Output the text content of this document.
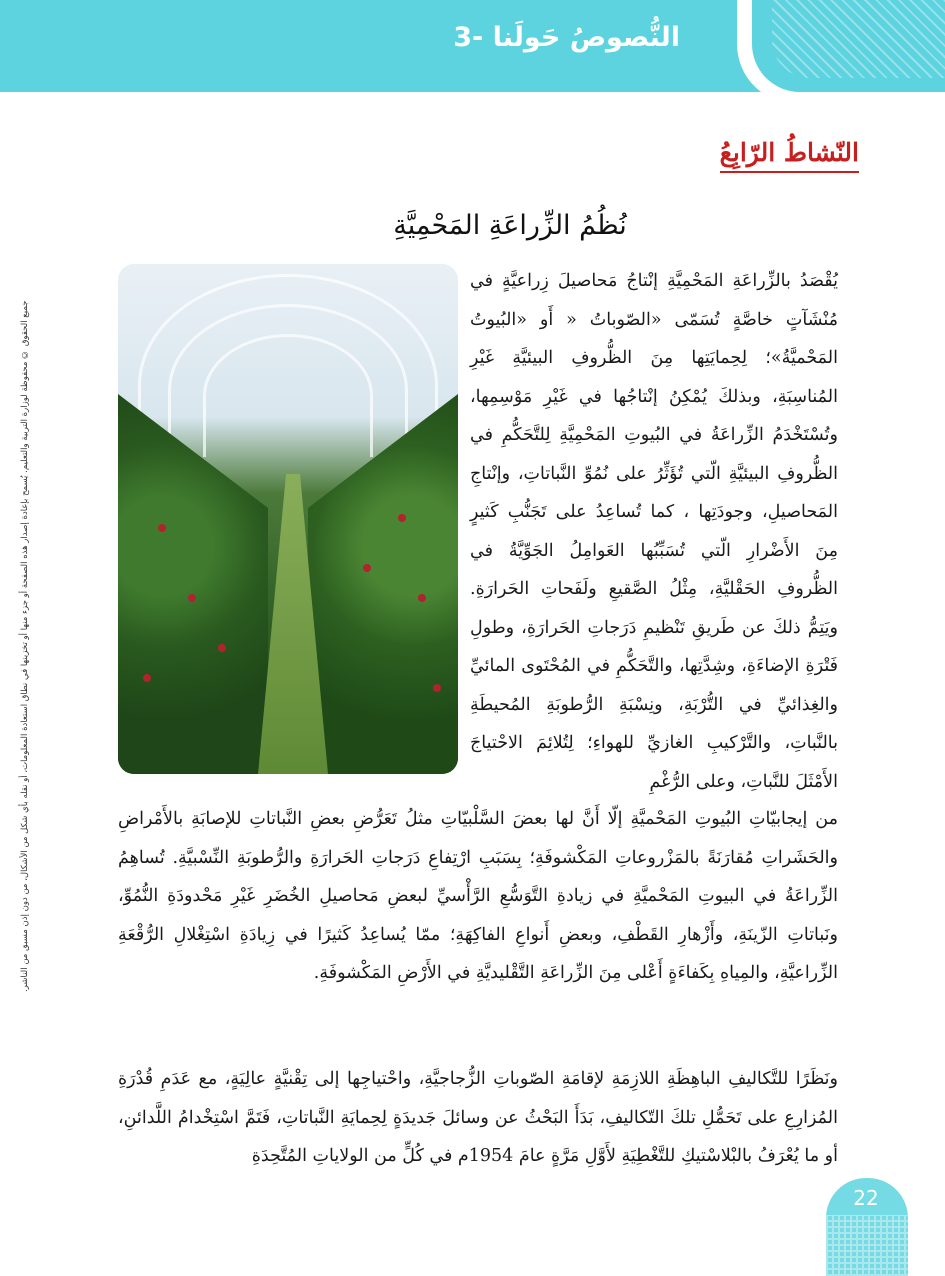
النُّصوصُ حَولَنا -3
النّشاطُ الرّابِعُ
نُظُمُ الزِّراعَةِ المَحْمِيَّةِ
يُقْصَدُ بالزِّراعَةِ المَحْمِيَّةِ إنْتاجُ مَحاصيلَ زِراعيَّةٍ في مُنْشَآتٍ خاصَّةٍ تُسَمّى «الصّوباتُ « أَو «البُيوتُ المَحْميَّةُ»؛ لِحِمايَتِها مِنَ الظُّروفِ البيئيَّةِ غَيْرِ المُناسِبَةِ، وبذلكَ يُمْكِنُ إنْتاجُها في غَيْرِ مَوْسِمِها، وتُسْتَخْدَمُ الزِّراعَةُ في البُيوتِ المَحْمِيَّةِ لِلتَّحَكُّمِ في الظُّروفِ البيئيَّةِ الّتي تُؤَثِّرُ على نُمُوِّ النَّباتاتِ، وإنْتاجِ المَحاصيلِ، وجودَتِها ، كما تُساعِدُ على تَجَنُّبِ كَثيرٍ مِنَ الأَضْرارِ الّتي تُسَبِّبُها العَوامِلُ الجَوِّيَّةُ في الظُّروفِ الحَقْليَّةِ، مِثْلُ الصَّقيعِ ولَفَحاتِ الحَرارَةِ. ويَتِمُّ ذلكَ عن طَريقِ تَنْظيمِ دَرَجاتِ الحَرارَةِ، وطولِ فَتْرَةِ الإضاءَةِ، وشِدَّتِها، والتَّحَكُّمِ في المُحْتَوى المائيِّ والغِذائيِّ في التُّرْبَةِ، ونِسْبَةِ الرُّطوبَةِ المُحيطَةِ بالنَّباتِ، والتَّرْكيبِ الغازيِّ للهواءِ؛ لِتُلائِمَ الاحْتياجَ الأَمْثَلَ للنَّباتِ، وعلى الرُّغْمِ
من إيجابيّاتِ البُيوتِ المَحْميَّةِ إلّا أَنَّ لها بعضَ السَّلْبيّاتِ مثلُ تَعَرُّضِ بعضِ النَّباتاتِ للإصابَةِ بالأَمْراضِ والحَشَراتِ مُقارَنَةً بالمَزْروعاتِ المَكْشوفَةِ؛ بِسَبَبِ ارْتِفاعِ دَرَجاتِ الحَرارَةِ والرُّطوبَةِ النِّسْبيَّةِ. تُساهِمُ الزِّراعَةُ في البيوتِ المَحْميَّةِ في زيادةِ التَّوَسُّعِ الرَّأْسيِّ لبعضِ مَحاصيلِ الخُضَرِ غَيْرِ مَحْدودَةِ النُّمُوِّ، ونَباتاتِ الزّينَةِ، وأَزْهارِ القَطْفِ، وبعضِ أَنواعِ الفاكِهَةِ؛ ممّا يُساعِدُ كَثيرًا في زِيادَةِ اسْتِغْلالِ الرُّقْعَةِ الزِّراعيَّةِ، والمِياهِ بِكَفاءَةٍ أَعْلى مِنَ الزِّراعَةِ التَّقْليديَّةِ في الأَرْضِ المَكْشوفَةِ.
ونَظَرًا للتَّكاليفِ الباهِظَةِ اللازِمَةِ لإقامَةِ الصّوباتِ الزُّجاجيَّةِ، واحْتياجِها إلى تِقْنيَّةٍ عالِيَةٍ، مع عَدَمِ قُدْرَةِ المُزارِعِ على تَحَمُّلِ تلكَ التّكاليفِ، بَدَأَ البَحْثُ عن وسائلَ جَديدَةٍ لِحِمايَةِ النَّباتاتِ، فَتَمَّ اسْتِخْدامُ اللَّدائنِ، أو ما يُعْرَفُ بالبْلاسْتيكِ للتَّغْطِيَةِ لأَوَّلِ مَرَّةٍ عامَ 1954م في كُلٍّ من الولاياتِ المُتَّحِدَةِ
جميع الحقوق © محفوظة لوزارة التربية والتعليم. يُسمح بإعادة إصدار هذه الصفحة أو جزء منها أو تخزينها في نطاق استعادة المعلومات، أو نقله بأي شكل من الأشكال، من دون إذن مسبق من الناشر.
22
